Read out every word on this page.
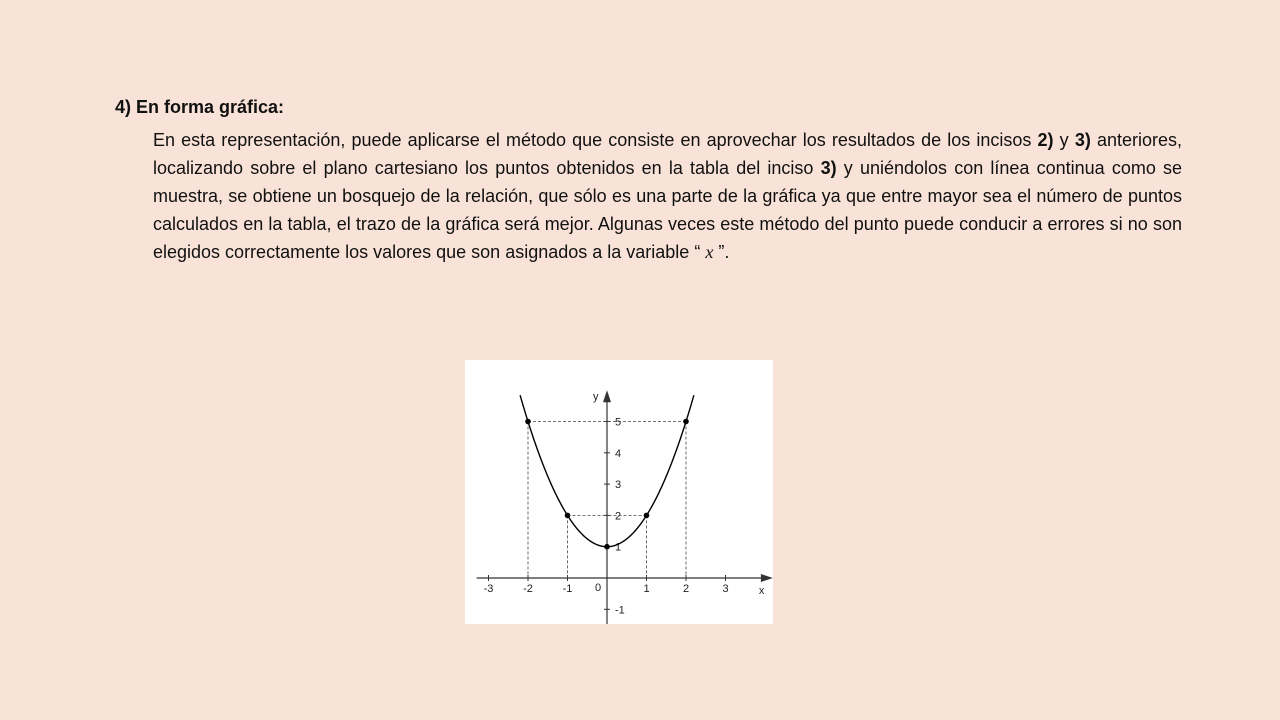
4) En forma gráfica:
En esta representación, puede aplicarse el método que consiste en aprovechar los resultados de los incisos 2) y 3) anteriores, localizando sobre el plano cartesiano los puntos obtenidos en la tabla del inciso 3) y uniéndolos con línea continua como se muestra, se obtiene un bosquejo de la relación, que sólo es una parte de la gráfica ya que entre mayor sea el número de puntos calculados en la tabla, el trazo de la gráfica será mejor. Algunas veces este método del punto puede conducir a errores si no son elegidos correctamente los valores que son asignados a la variable “ x ”.
x
y
0
-3	-2	-1	1	2	3
-1
1
2
3
4
5
